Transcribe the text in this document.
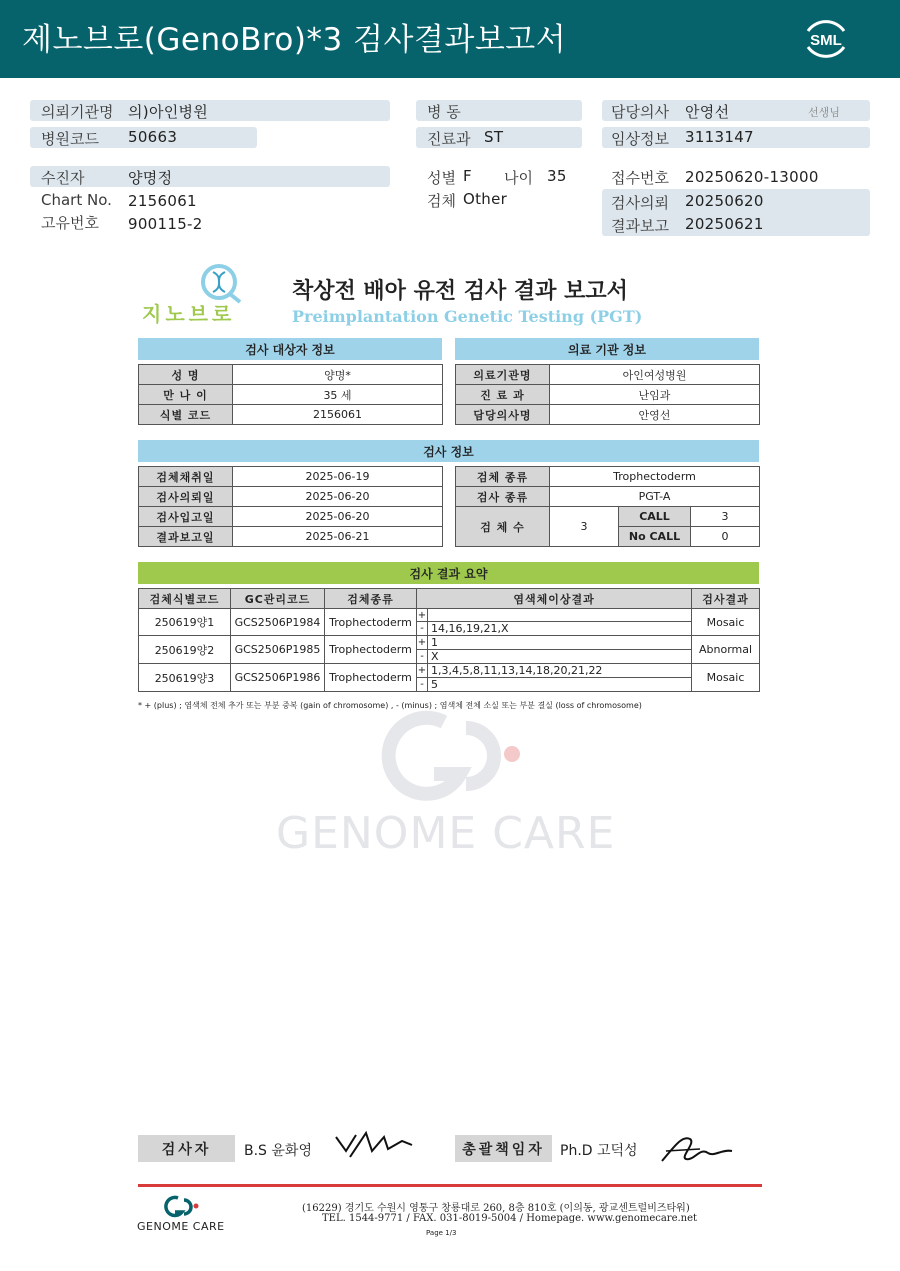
제노브로(GenoBro)*3 검사결과보고서	SML
의뢰기관명 의)아인병원
병원코드 50663
수진자	양명정
Chart No. 2156061
고유번호 900115-2
병 동
진료과 ST
성별 F 나이 35
검체 Other
담당의사 안영선	선생님
임상정보 3113147
접수번호 20250620-13000
검사의뢰 20250620
결과보고 20250621
지노브로
착상전 배아 유전 검사 결과 보고서
Preimplantation Genetic Testing (PGT)
검사 대상자 정보	의료 기관 정보
성 명	양명*
만 나 이	35 세
식별 코드	2156061
의료기관명	아인여성병원
진 료 과	난임과
담당의사명	안영선
검사 정보
검체채취일	2025-06-19
검사의뢰일	2025-06-20
검사입고일	2025-06-20
결과보고일	2025-06-21
검체 종류	Trophectoderm		
검사 종류	PGT-A		
검 체 수	3	CALL	3
		No CALL	0
검사 결과 요약
검체식별코드	GC관리코드	검체종류	염색체이상결과		검사결과
250619양1	GCS2506P1984	Trophectoderm	+		Mosaic
			-	14,16,19,21,X	
250619양2	GCS2506P1985	Trophectoderm	+	1	Abnormal
			-	X	
250619양3	GCS2506P1986	Trophectoderm	+	1,3,4,5,8,11,13,14,18,20,21,22	Mosaic
			-	5	
* + (plus) ; 염색체 전체 추가 또는 부분 중복 (gain of chromosome) , - (minus) ; 염색체 전체 소실 또는 부분 결실 (loss of chromosome)
GENOME CARE
검사자	B.S 윤화영	총괄책임자	Ph.D 고덕성
GENOME CARE
(16229) 경기도 수원시 영통구 창룡대로 260, 8층 810호 (이의동, 광교센트럴비즈타워)
TEL. 1544-9771 / FAX. 031-8019-5004 / Homepage. www.genomecare.net
Page 1/3
